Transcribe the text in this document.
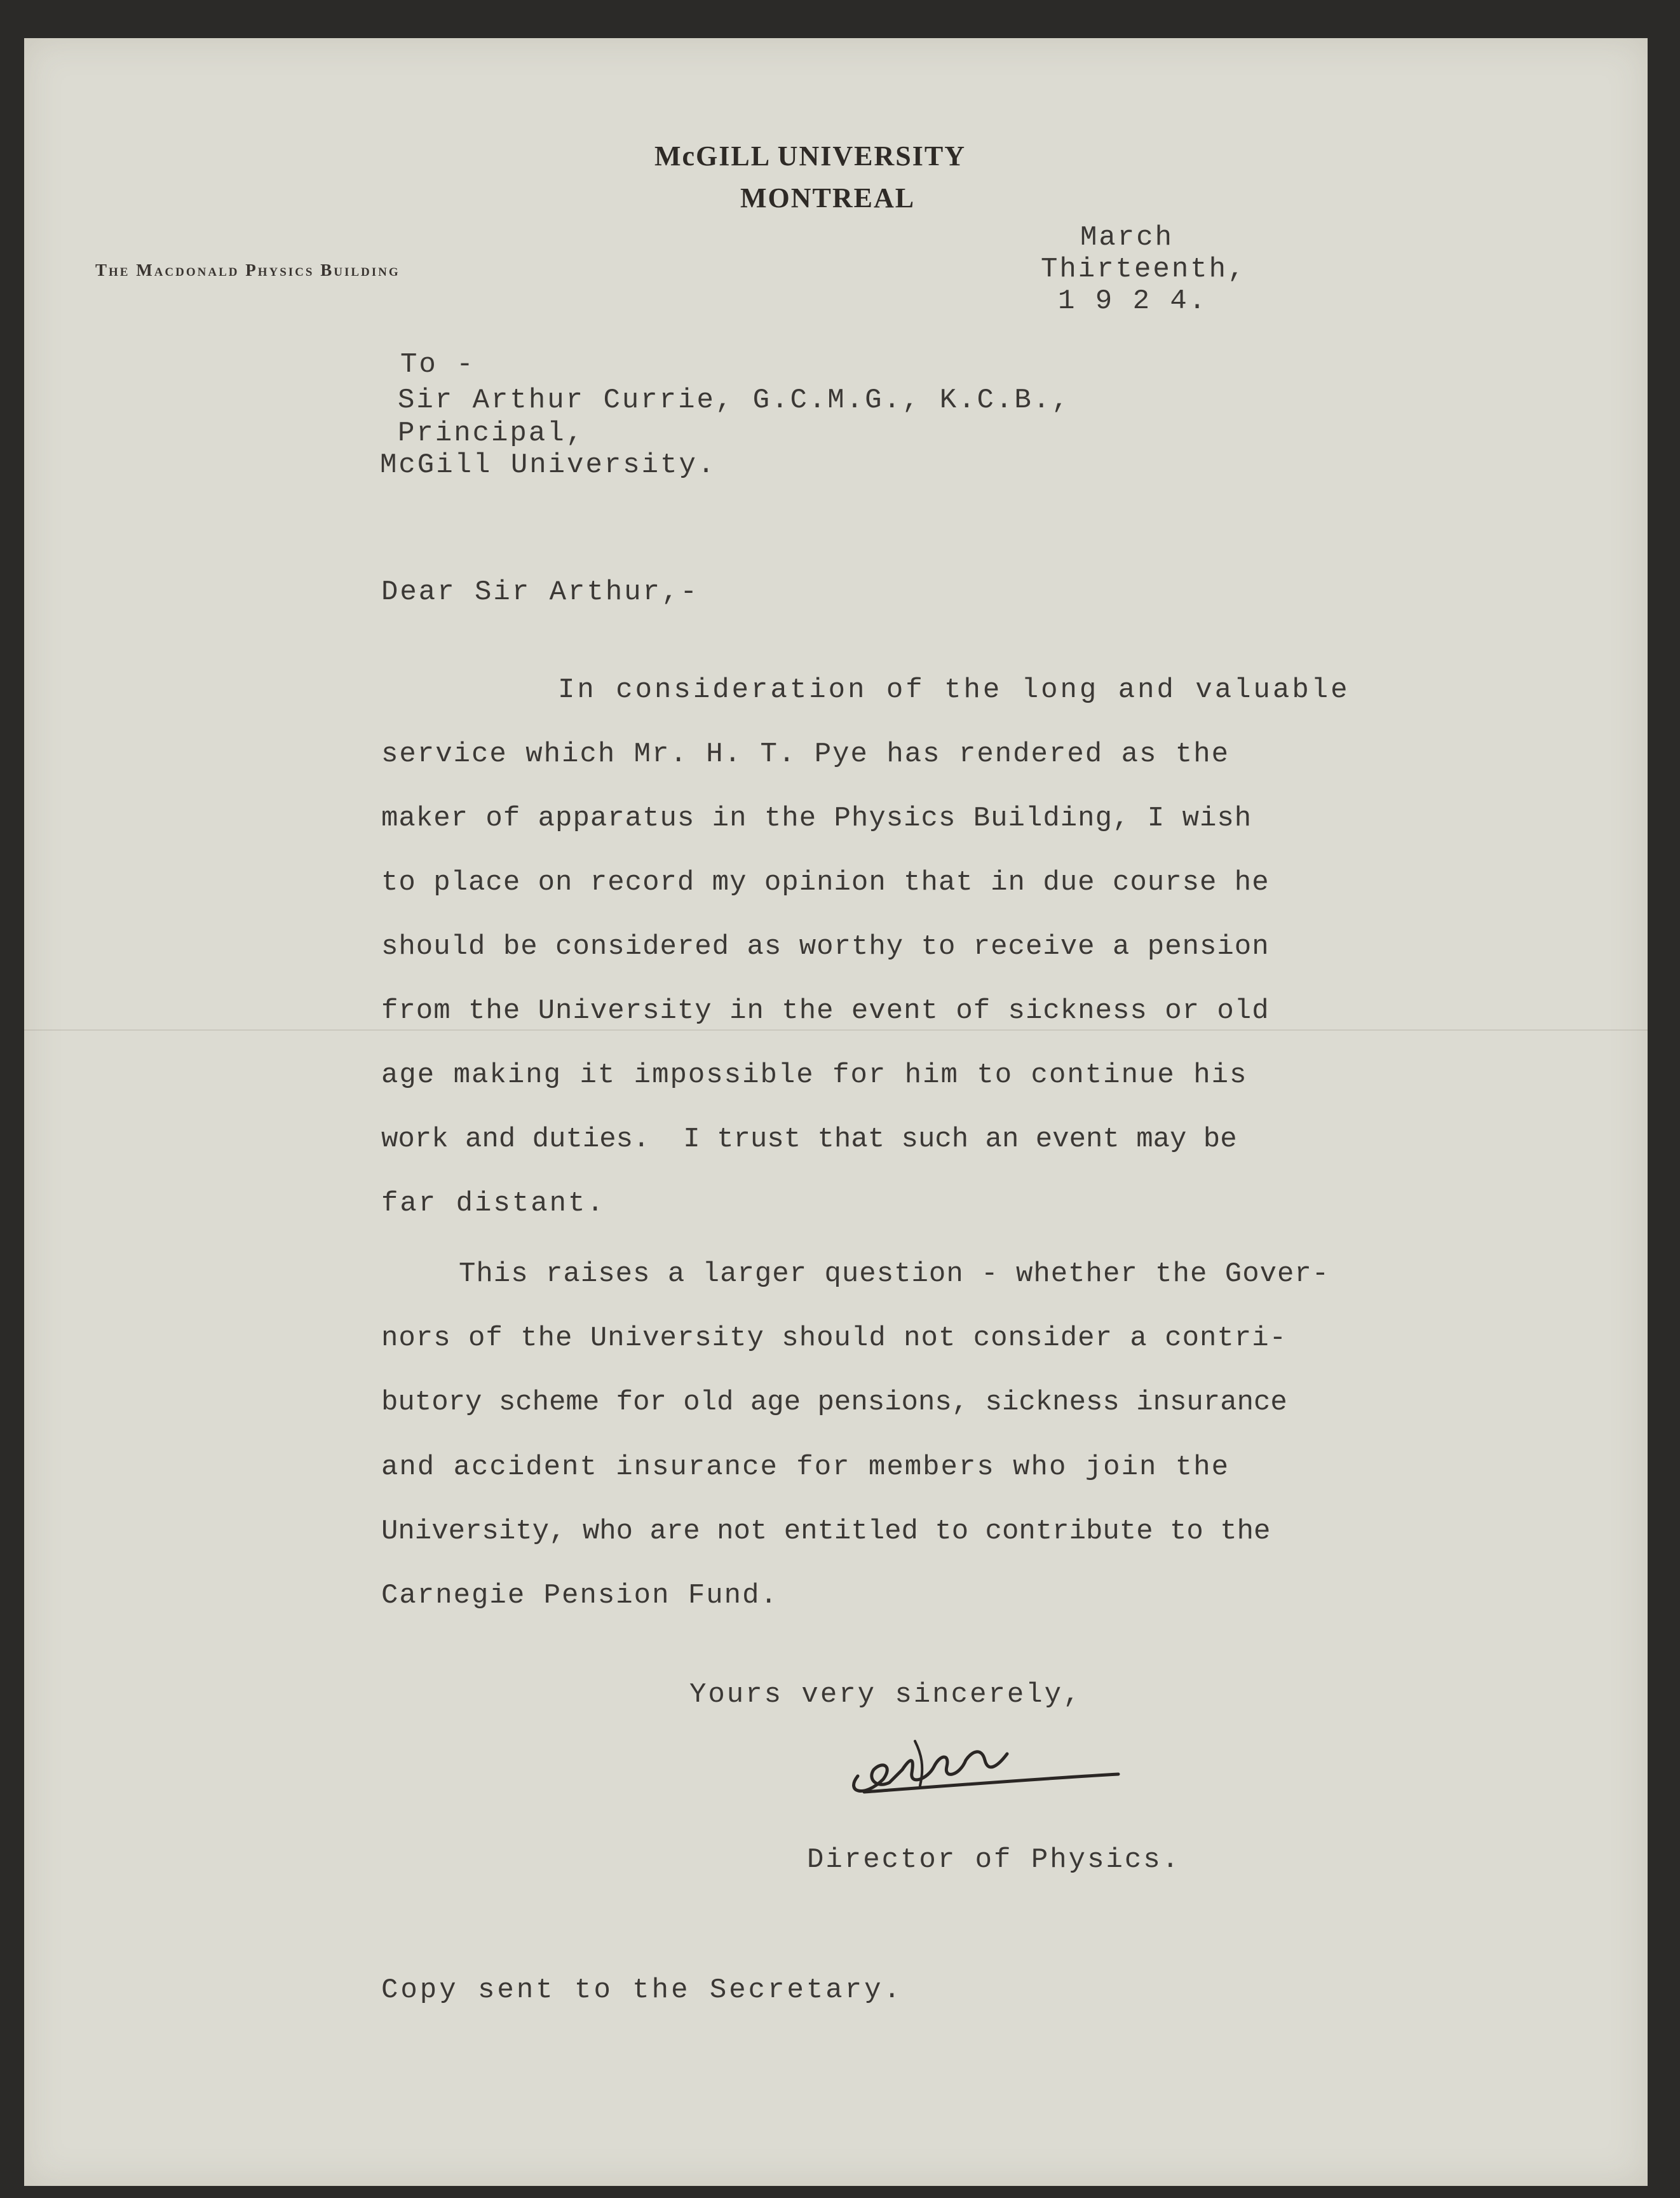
McGILL UNIVERSITY
MONTREAL
The Macdonald Physics Building
March
Thirteenth,
1 9 2 4.
To -
Sir Arthur Currie, G.C.M.G., K.C.B.,
Principal,
McGill University.
Dear Sir Arthur,-
In consideration of the long and valuable
service which Mr. H. T. Pye has rendered as the
maker of apparatus in the Physics Building, I wish
to place on record my opinion that in due course he
should be considered as worthy to receive a pension
from the University in the event of sickness or old
age making it impossible for him to continue his
work and duties.  I trust that such an event may be
far distant.
This raises a larger question - whether the Gover-
nors of the University should not consider a contri-
butory scheme for old age pensions, sickness insurance
and accident insurance for members who join the
University, who are not entitled to contribute to the
Carnegie Pension Fund.
Yours very sincerely,
Director of Physics.
Copy sent to the Secretary.
